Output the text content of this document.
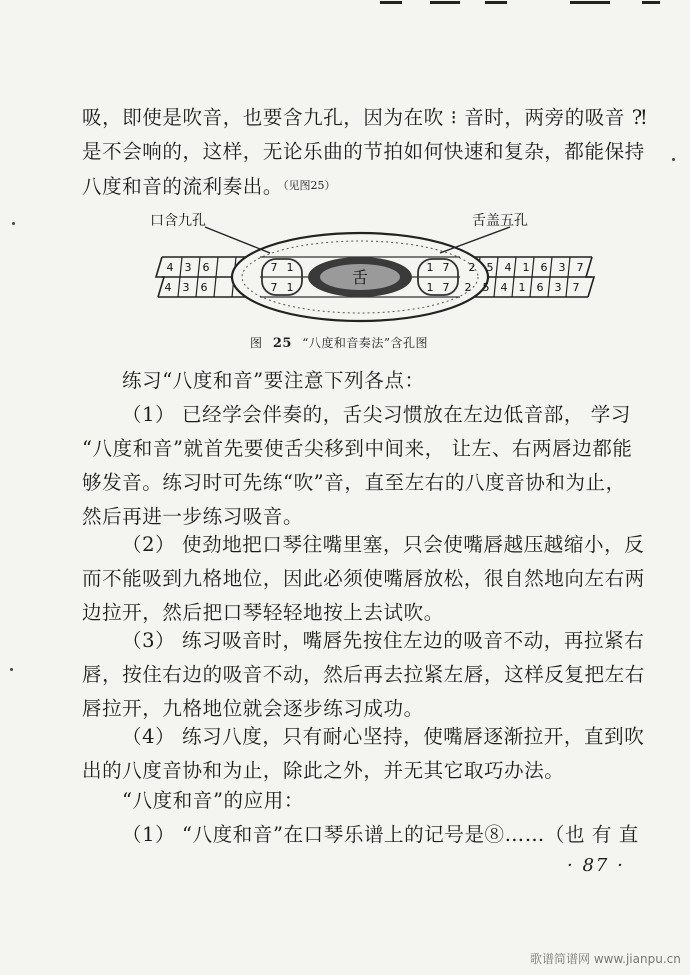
吸，即使是吹音，也要含九孔，因为在吹 ⁝ 音时，两旁的吸音 ⁈
是不会响的，这样，无论乐曲的节拍如何快速和复杂，都能保持
八度和音的流利奏出。$^{(见图25)}$
舌
4 3 6	7 1
4 3 6	7 1
1 7 2 5 4 1 6 3 7
1 7 2 5 4 1 6 3 7
口含九孔	舌盖五孔
图 25 “八度和音奏法”含孔图
练习“八度和音”要注意下列各点：
（1） 已经学会伴奏的，舌尖习惯放在左边低音部， 学习
“八度和音”就首先要使舌尖移到中间来， 让左、右两唇边都能
够发音。练习时可先练“吹”音，直至左右的八度音协和为止，
然后再进一步练习吸音。
（2） 使劲地把口琴往嘴里塞，只会使嘴唇越压越缩小，反
而不能吸到九格地位，因此必须使嘴唇放松，很自然地向左右两
边拉开，然后把口琴轻轻地按上去试吹。
（3） 练习吸音时，嘴唇先按住左边的吸音不动，再拉紧右
唇，按住右边的吸音不动，然后再去拉紧左唇，这样反复把左右
唇拉开，九格地位就会逐步练习成功。
（4） 练习八度，只有耐心坚持，使嘴唇逐渐拉开，直到吹
出的八度音协和为止，除此之外，并无其它取巧办法。
“八度和音”的应用：
（1） “八度和音”在口琴乐谱上的记号是⑧……（也 有 直
· 87 ·
歌谱简谱网 www.jianpu.cn
